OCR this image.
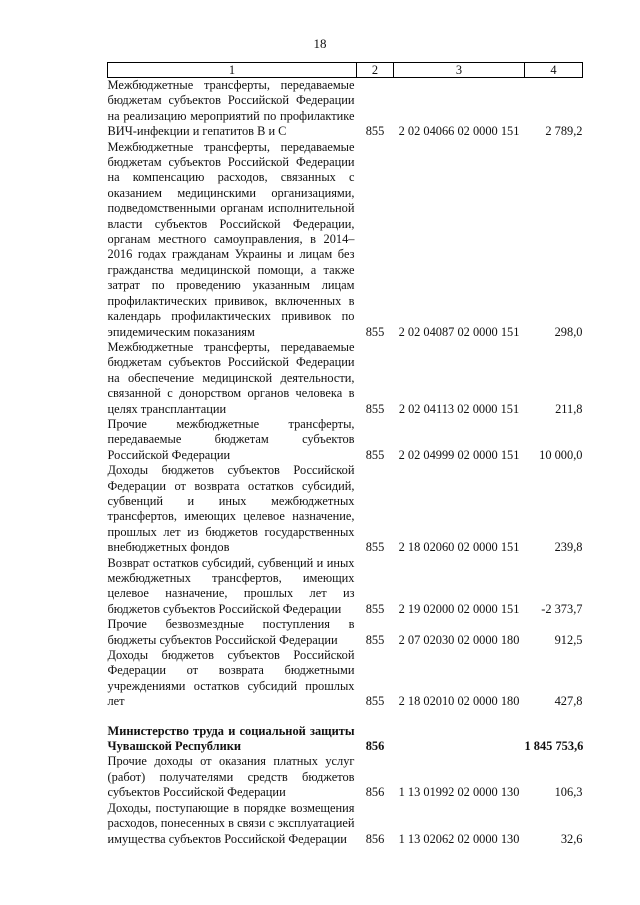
18
1	2	3	4
Межбюджетные трансферты, передаваемые бюджетам субъектов Российской Федерации на реализацию мероприятий по профилактике ВИЧ-инфекции и гепатитов В и С	855	2 02 04066 02 0000 151	2 789,2
Межбюджетные трансферты, передаваемые бюджетам субъектов Российской Федерации на компенсацию расходов, связанных с оказанием медицинскими организациями, подведомственными органам исполнительной власти субъектов Российской Федерации, органам местного самоуправления, в 2014–2016 годах гражданам Украины и лицам без гражданства медицинской помощи, а также затрат по проведению указанным лицам профилактических прививок, включенных в календарь профилактических прививок по эпидемическим показаниям	855	2 02 04087 02 0000 151	298,0
Межбюджетные трансферты, передаваемые бюджетам субъектов Российской Федерации на обеспечение медицинской деятельности, связанной с донорством органов человека в целях трансплантации	855	2 02 04113 02 0000 151	211,8
Прочие межбюджетные трансферты, передаваемые бюджетам субъектов Российской Федерации	855	2 02 04999 02 0000 151	10 000,0
Доходы бюджетов субъектов Российской Федерации от возврата остатков субсидий, субвенций и иных межбюджетных трансфертов, имеющих целевое назначение, прошлых лет из бюджетов государственных внебюджетных фондов	855	2 18 02060 02 0000 151	239,8
Возврат остатков субсидий, субвенций и иных межбюджетных трансфертов, имеющих целевое назначение, прошлых лет из бюджетов субъектов Российской Федерации	855	2 19 02000 02 0000 151	-2 373,7
Прочие безвозмездные поступления в бюджеты субъектов Российской Федерации	855	2 07 02030 02 0000 180	912,5
Доходы бюджетов субъектов Российской Федерации от возврата бюджетными учреждениями остатков субсидий прошлых лет	855	2 18 02010 02 0000 180	427,8

Министерство труда и социальной защиты Чувашской Республики	856		1 845 753,6
Прочие доходы от оказания платных услуг (работ) получателями средств бюджетов субъектов Российской Федерации	856	1 13 01992 02 0000 130	106,3
Доходы, поступающие в порядке возмещения расходов, понесенных в связи с эксплуатацией имущества субъектов Российской Федерации	856	1 13 02062 02 0000 130	32,6
